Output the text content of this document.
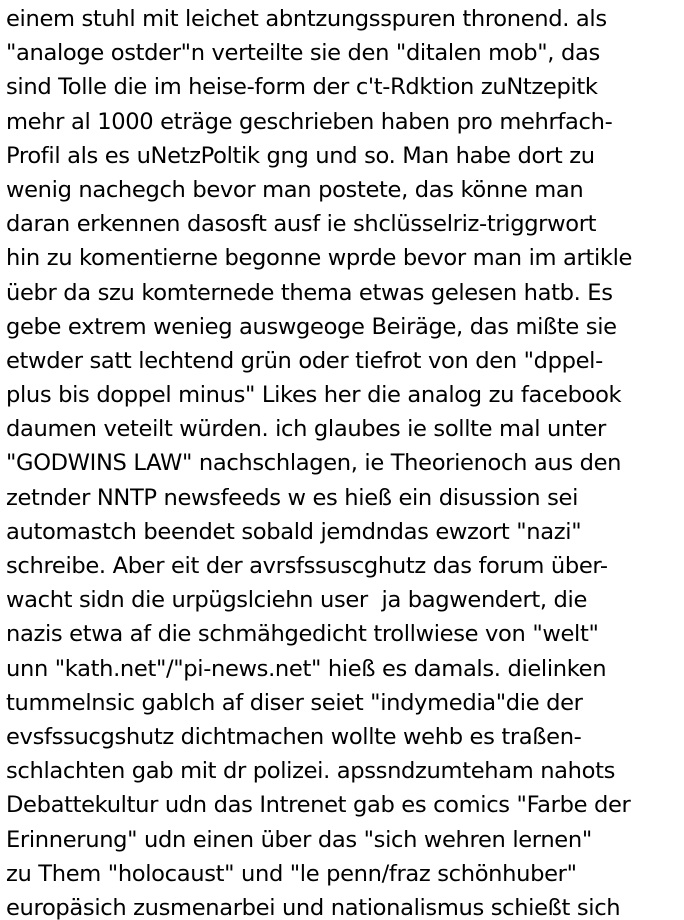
einem stuhl mit leichet abntzungsspuren thronend. als
"analoge ostder"n verteilte sie den "ditalen mob", das
sind Tolle die im heise-form der c't-Rdktion zuNtzepitk
mehr al 1000 eträge geschrieben haben pro mehrfach-
Profil als es uNetzPoltik gng und so. Man habe dort zu
wenig nachegch bevor man postete, das könne man
daran erkennen dasosft ausf ie shclüsselriz-triggrwort
hin zu komentierne begonne wprde bevor man im artikle
üebr da szu komternede thema etwas gelesen hatb. Es
gebe extrem wenieg auswgeoge Beiräge, das mißte sie
etwder satt lechtend grün oder tiefrot von den "dppel-
plus bis doppel minus" Likes her die analog zu facebook
daumen veteilt würden. ich glaubes ie sollte mal unter
"GODWINS LAW" nachschlagen, ie Theorienoch aus den
zetnder NNTP newsfeeds w es hieß ein disussion sei
automastch beendet sobald jemdndas ewzort "nazi"
schreibe. Aber eit der avrsfssuscghutz das forum über-
wacht sidn die urpügslciehn user  ja bagwendert, die
nazis etwa af die schmähgedicht trollwiese von "welt"
unn "kath.net"/"pi-news.net" hieß es damals. dielinken
tummelnsic gablch af diser seiet "indymedia"die der
evsfssucgshutz dichtmachen wollte wehb es traßen-
schlachten gab mit dr polizei. apssndzumteham nahots
Debattekultur udn das Intrenet gab es comics "Farbe der
Erinnerung" udn einen über das "sich wehren lernen"
zu Them "holocaust" und "le penn/fraz schönhuber"
europäsich zusmenarbei und nationalismus schießt sich
